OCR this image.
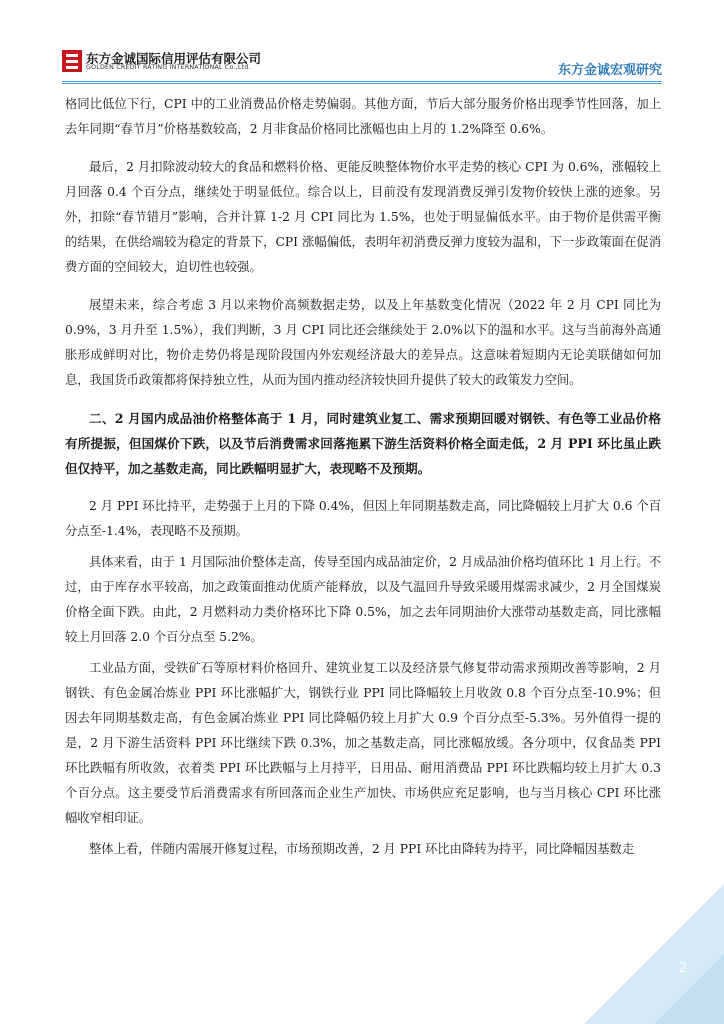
东方金诚国际信用评估有限公司
GOLDEN CREDIT RATING INTERNATIONAL Co.,Ltd.	东方金诚宏观研究

格同比低位下行，CPI 中的工业消费品价格走势偏弱。其他方面，节后大部分服务价格出现季节性回落，加上去年同期“春节月”价格基数较高，2 月非食品价格同比涨幅也由上月的 1.2%降至 0.6%。

最后，2 月扣除波动较大的食品和燃料价格、更能反映整体物价水平走势的核心 CPI 为 0.6%，涨幅较上月回落 0.4 个百分点，继续处于明显低位。综合以上，目前没有发现消费反弹引发物价较快上涨的迹象。另外，扣除“春节错月”影响，合并计算 1-2 月 CPI 同比为 1.5%，也处于明显偏低水平。由于物价是供需平衡的结果，在供给端较为稳定的背景下，CPI 涨幅偏低，表明年初消费反弹力度较为温和，下一步政策面在促消费方面的空间较大，迫切性也较强。

展望未来，综合考虑 3 月以来物价高频数据走势，以及上年基数变化情况（2022 年 2 月 CPI 同比为 0.9%，3 月升至 1.5%），我们判断，3 月 CPI 同比还会继续处于 2.0%以下的温和水平。这与当前海外高通胀形成鲜明对比，物价走势仍将是现阶段国内外宏观经济最大的差异点。这意味着短期内无论美联储如何加息，我国货币政策都将保持独立性，从而为国内推动经济较快回升提供了较大的政策发力空间。

二、2 月国内成品油价格整体高于 1 月，同时建筑业复工、需求预期回暖对钢铁、有色等工业品价格有所提振，但国煤价下跌，以及节后消费需求回落拖累下游生活资料价格全面走低，2 月 PPI 环比虽止跌但仅持平，加之基数走高，同比跌幅明显扩大，表现略不及预期。

2 月 PPI 环比持平，走势强于上月的下降 0.4%，但因上年同期基数走高，同比降幅较上月扩大 0.6 个百分点至-1.4%，表现略不及预期。

具体来看，由于 1 月国际油价整体走高，传导至国内成品油定价，2 月成品油价格均值环比 1 月上行。不过，由于库存水平较高，加之政策面推动优质产能释放，以及气温回升导致采暖用煤需求减少，2 月全国煤炭价格全面下跌。由此，2 月燃料动力类价格环比下降 0.5%，加之去年同期油价大涨带动基数走高，同比涨幅较上月回落 2.0 个百分点至 5.2%。

工业品方面，受铁矿石等原材料价格回升、建筑业复工以及经济景气修复带动需求预期改善等影响，2 月钢铁、有色金属冶炼业 PPI 环比涨幅扩大，钢铁行业 PPI 同比降幅较上月收敛 0.8 个百分点至-10.9%；但因去年同期基数走高，有色金属冶炼业 PPI 同比降幅仍较上月扩大 0.9 个百分点至-5.3%。另外值得一提的是，2 月下游生活资料 PPI 环比继续下跌 0.3%，加之基数走高，同比涨幅放缓。各分项中，仅食品类 PPI 环比跌幅有所收敛，衣着类 PPI 环比跌幅与上月持平，日用品、耐用消费品 PPI 环比跌幅均较上月扩大 0.3 个百分点。这主要受节后消费需求有所回落而企业生产加快、市场供应充足影响，也与当月核心 CPI 环比涨幅收窄相印证。

整体上看，伴随内需展开修复过程，市场预期改善，2 月 PPI 环比由降转为持平，同比降幅因基数走

2
